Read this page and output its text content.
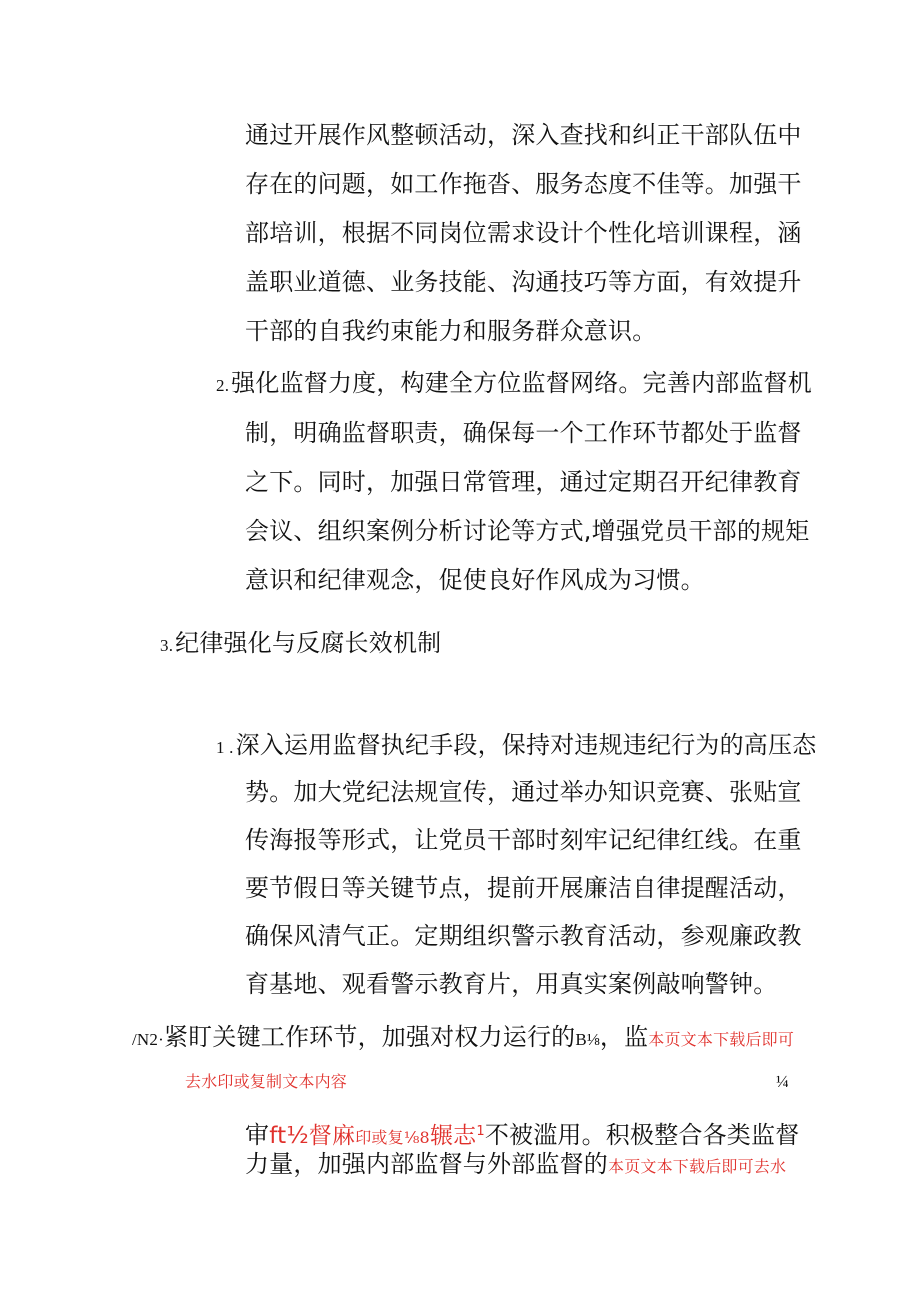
通过开展作风整顿活动，深入查找和纠正干部队伍中
存在的问题，如工作拖沓、服务态度不佳等。加强干
部培训，根据不同岗位需求设计个性化培训课程，涵
盖职业道德、业务技能、沟通技巧等方面，有效提升
干部的自我约束能力和服务群众意识。
2.强化监督力度，构建全方位监督网络。完善内部监督机
制，明确监督职责，确保每一个工作环节都处于监督
之下。同时，加强日常管理，通过定期召开纪律教育
会议、组织案例分析讨论等方式,增强党员干部的规矩
意识和纪律观念，促使良好作风成为习惯。
3.纪律强化与反腐长效机制
1 .深入运用监督执纪手段，保持对违规违纪行为的高压态
势。加大党纪法规宣传，通过举办知识竞赛、张贴宣
传海报等形式，让党员干部时刻牢记纪律红线。在重
要节假日等关键节点，提前开展廉洁自律提醒活动，
确保风清气正。定期组织警示教育活动，参观廉政教
育基地、观看警示教育片，用真实案例敲响警钟。
/N2·紧盯关键工作环节，加强对权力运行的B⅛，监本页文本下载后即可
去水印或复制文本内容	¼
审ft½督麻印或复⅛8辗志$^1$不被滥用。积极整合各类监督
力量，加强内部监督与外部监督的本页文本下载后即可去水
